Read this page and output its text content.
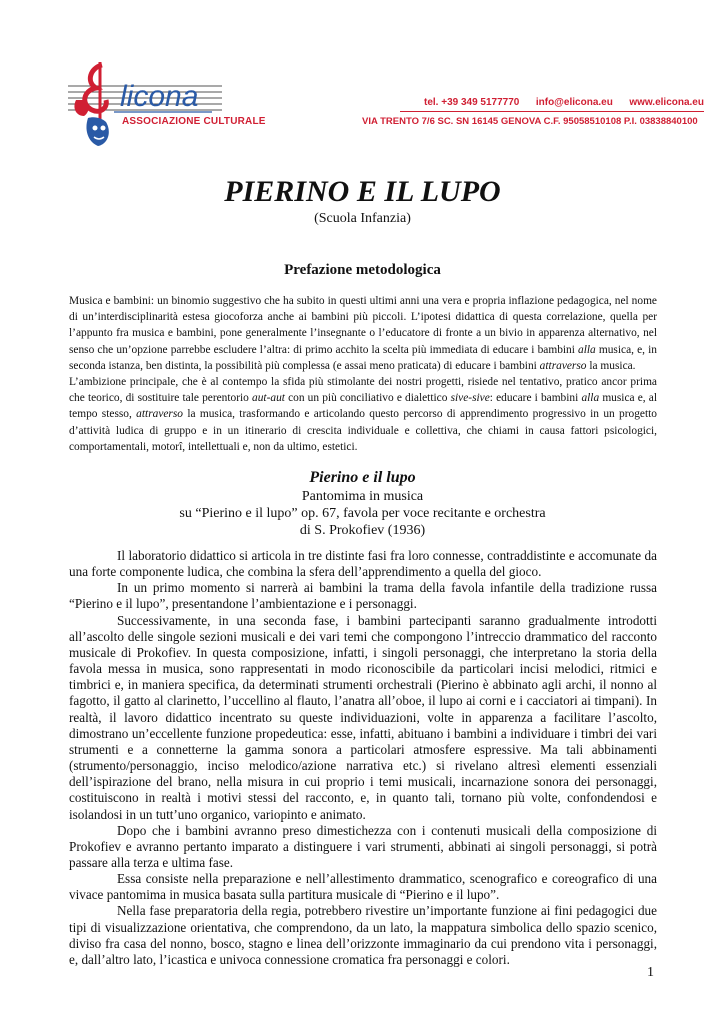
licona
ASSOCIAZIONE CULTURALE
tel. +39 349 5177770 info@elicona.eu www.elicona.eu
VIA TRENTO 7/6 SC. SN 16145 GENOVA C.F. 95058510108 P.I. 03838840100
PIERINO E IL LUPO
(Scuola Infanzia)
Prefazione metodologica

Musica e bambini: un binomio suggestivo che ha subito in questi ultimi anni una vera e propria inflazione pedagogica, nel nome di un’interdisciplinarità estesa giocoforza anche ai bambini più piccoli. L’ipotesi didattica di questa correlazione, quella per l’appunto fra musica e bambini, pone generalmente l’insegnante o l’educatore di fronte a un bivio in apparenza alternativo, nel senso che un’opzione parrebbe escludere l’altra: di primo acchito la scelta più immediata di educare i bambini alla musica, e, in seconda istanza, ben distinta, la possibilità più complessa (e assai meno praticata) di educare i bambini attraverso la musica.

L’ambizione principale, che è al contempo la sfida più stimolante dei nostri progetti, risiede nel tentativo, pratico ancor prima che teorico, di sostituire tale perentorio aut-aut con un più conciliativo e dialettico sive-sive: educare i bambini alla musica e, al tempo stesso, attraverso la musica, trasformando e articolando questo percorso di apprendimento progressivo in un progetto d’attività ludica di gruppo e in un itinerario di crescita individuale e collettiva, che chiami in causa fattori psicologici, comportamentali, motorî, intellettuali e, non da ultimo, estetici.

Pierino e il lupo
Pantomima in musica
su “Pierino e il lupo” op. 67, favola per voce recitante e orchestra
di S. Prokofiev (1936)

Il laboratorio didattico si articola in tre distinte fasi fra loro connesse, contraddistinte e accomunate da una forte componente ludica, che combina la sfera dell’apprendimento a quella del gioco.

In un primo momento si narrerà ai bambini la trama della favola infantile della tradizione russa “Pierino e il lupo”, presentandone l’ambientazione e i personaggi.

Successivamente, in una seconda fase, i bambini partecipanti saranno gradualmente introdotti all’ascolto delle singole sezioni musicali e dei vari temi che compongono l’intreccio drammatico del racconto musicale di Prokofiev. In questa composizione, infatti, i singoli personaggi, che interpretano la storia della favola messa in musica, sono rappresentati in modo riconoscibile da particolari incisi melodici, ritmici e timbrici e, in maniera specifica, da determinati strumenti orchestrali (Pierino è abbinato agli archi, il nonno al fagotto, il gatto al clarinetto, l’uccellino al flauto, l’anatra all’oboe, il lupo ai corni e i cacciatori ai timpani). In realtà, il lavoro didattico incentrato su queste individuazioni, volte in apparenza a facilitare l’ascolto, dimostrano un’eccellente funzione propedeutica: esse, infatti, abituano i bambini a individuare i timbri dei vari strumenti e a connetterne la gamma sonora a particolari atmosfere espressive. Ma tali abbinamenti (strumento/personaggio, inciso melodico/azione narrativa etc.) si rivelano altresì elementi essenziali dell’ispirazione del brano, nella misura in cui proprio i temi musicali, incarnazione sonora dei personaggi, costituiscono in realtà i motivi stessi del racconto, e, in quanto tali, tornano più volte, confondendosi e isolandosi in un tutt’uno organico, variopinto e animato.

Dopo che i bambini avranno preso dimestichezza con i contenuti musicali della composizione di Prokofiev e avranno pertanto imparato a distinguere i vari strumenti, abbinati ai singoli personaggi, si potrà passare alla terza e ultima fase.

Essa consiste nella preparazione e nell’allestimento drammatico, scenografico e coreografico di una vivace pantomima in musica basata sulla partitura musicale di “Pierino e il lupo”.

Nella fase preparatoria della regia, potrebbero rivestire un’importante funzione ai fini pedagogici due tipi di visualizzazione orientativa, che comprendono, da un lato, la mappatura simbolica dello spazio scenico, diviso fra casa del nonno, bosco, stagno e linea dell’orizzonte immaginario da cui prendono vita i personaggi, e, dall’altro lato, l’icastica e univoca connessione cromatica fra personaggi e colori.

1
